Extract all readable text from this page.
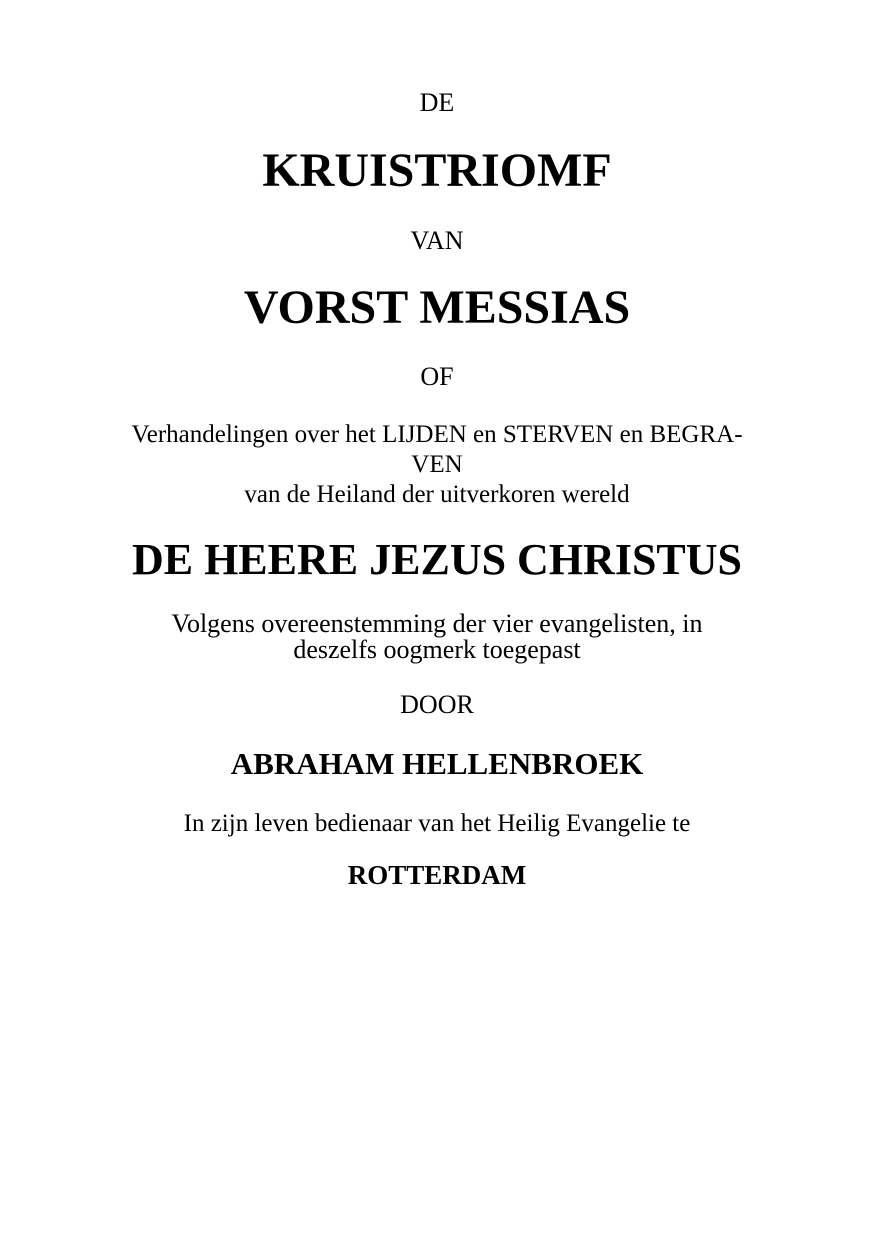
DE
KRUISTRIOMF
VAN
VORST MESSIAS
OF
Verhandelingen over het LIJDEN en STERVEN en BEGRA-
VEN
van de Heiland der uitverkoren wereld
DE HEERE JEZUS CHRISTUS
Volgens overeenstemming der vier evangelisten, in
deszelfs oogmerk toegepast
DOOR
ABRAHAM HELLENBROEK
In zijn leven bedienaar van het Heilig Evangelie te
ROTTERDAM
